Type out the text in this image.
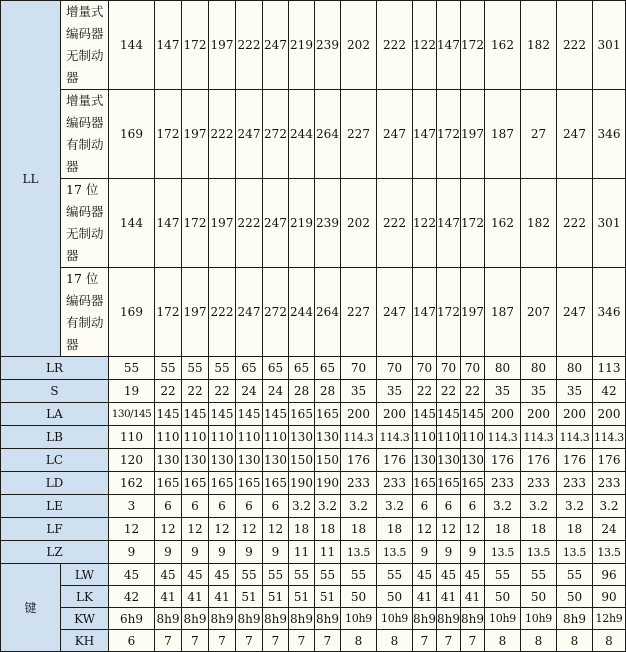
LL	增量式编码器无制动器	144	147	172	197	222	247	219	239	202	222	122	147	172	162	182	222	301
	增量式编码器有制动器	169	172	197	222	247	272	244	264	227	247	147	172	197	187	27	247	346
	17 位编码器无制动器	144	147	172	197	222	247	219	239	202	222	122	147	172	162	182	222	301
	17 位编码器有制动器	169	172	197	222	247	272	244	264	227	247	147	172	197	187	207	247	346
LR		55	55	55	55	65	65	65	65	70	70	70	70	70	80	80	80	113
S		19	22	22	22	24	24	28	28	35	35	22	22	22	35	35	35	42
LA		130/145	145	145	145	145	145	165	165	200	200	145	145	145	200	200	200	200
LB		110	110	110	110	110	110	130	130	114.3	114.3	110	110	110	114.3	114.3	114.3	114.3
LC		120	130	130	130	130	130	150	150	176	176	130	130	130	176	176	176	176
LD		162	165	165	165	165	165	190	190	233	233	165	165	165	233	233	233	233
LE		3	6	6	6	6	6	3.2	3.2	3.2	3.2	6	6	6	3.2	3.2	3.2	3.2
LF		12	12	12	12	12	12	18	18	18	18	12	12	12	18	18	18	24
LZ		9	9	9	9	9	9	11	11	13.5	13.5	9	9	9	13.5	13.5	13.5	13.5
键	LW	45	45	45	45	55	55	55	55	55	55	45	45	45	55	55	55	96
	LK	42	41	41	41	51	51	51	51	50	50	41	41	41	50	50	50	90
	KW	6h9	8h9	8h9	8h9	8h9	8h9	8h9	8h9	10h9	10h9	8h9	8h9	8h9	10h9	10h9	8h9	12h9
	KH	6	7	7	7	7	7	7	7	8	8	7	7	7	8	8	8	8
